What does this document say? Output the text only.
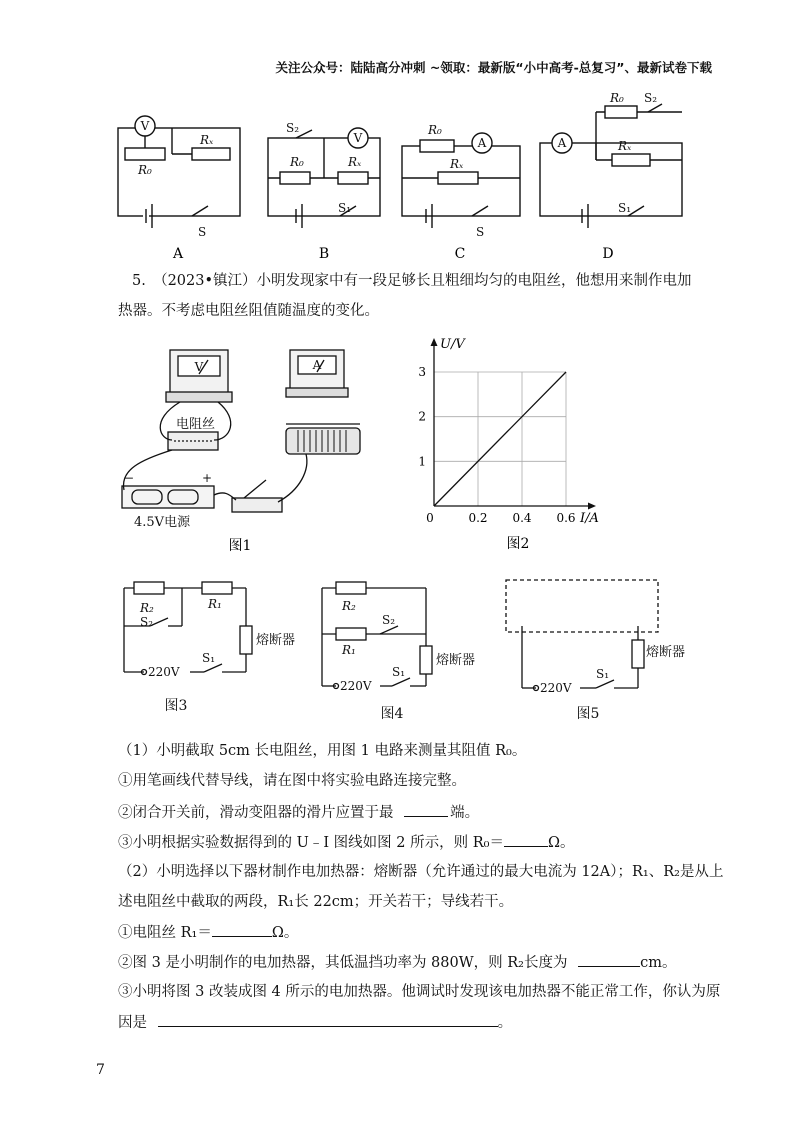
关注公众号：陆陆高分冲刺 ~领取：最新版“小中高考-总复习”、最新试卷下载
V
R₀
Rₓ
S
V
S₂
R₀	Rₓ
S₁
R₀
A
Rₓ
S
A
R₀ S₂
Rₓ
S₁
A	B	C	D
5.　（2023•镇江）小明发现家中有一段足够长且粗细均匀的电阻丝，他想用来制作电加
热器。不考虑电阻丝阻值随温度的变化。
V	A
电阻丝
−	+
4.5V电源
图1
0	0.2 0.4 0.6
1
2
3
U/V
I/A
图2
R₂	R₁
S₂
熔断器
220V
S₁
图3
R₂
R₁
S₂
熔断器
220V
S₁
图4
熔断器
220V
S₁
图5
（1）小明截取 5cm 长电阻丝，用图 1 电路来测量其阻值 R₀。
①用笔画线代替导线，请在图中将实验电路连接完整。
②闭合开关前，滑动变阻器的滑片应置于最	端。
③小明根据实验数据得到的 U﹣I 图线如图 2 所示，则 R₀＝	Ω。
（2）小明选择以下器材制作电加热器：熔断器（允许通过的最大电流为 12A）；R₁、R₂是从上
述电阻丝中截取的两段，R₁长 22cm；开关若干；导线若干。
①电阻丝 R₁＝	Ω。
②图 3 是小明制作的电加热器，其低温挡功率为 880W，则 R₂长度为	cm。
③小明将图 3 改装成图 4 所示的电加热器。他调试时发现该电加热器不能正常工作，你认为原
因是	。
7
